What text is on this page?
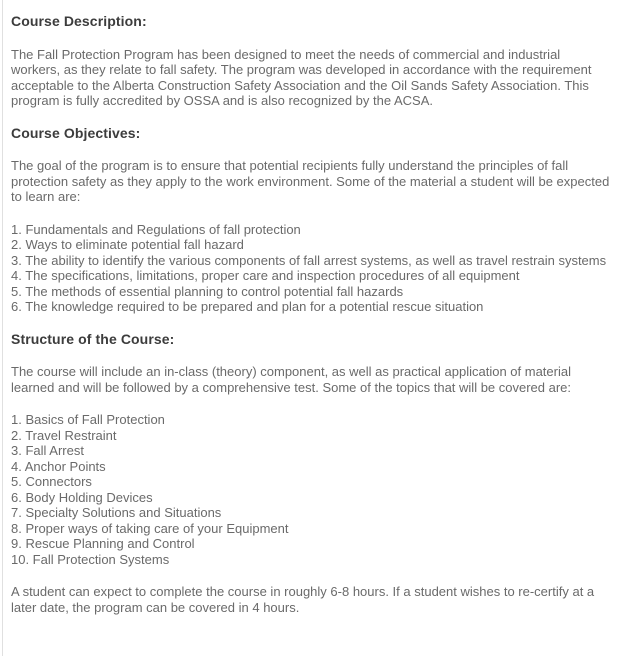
Course Description:

The Fall Protection Program has been designed to meet the needs of commercial and industrial workers, as they relate to fall safety. The program was developed in accordance with the requirement acceptable to the Alberta Construction Safety Association and the Oil Sands Safety Association. This program is fully accredited by OSSA and is also recognized by the ACSA.

Course Objectives:

The goal of the program is to ensure that potential recipients fully understand the principles of fall protection safety as they apply to the work environment. Some of the material a student will be expected to learn are:

1. Fundamentals and Regulations of fall protection
2. Ways to eliminate potential fall hazard
3. The ability to identify the various components of fall arrest systems, as well as travel restrain systems
4. The specifications, limitations, proper care and inspection procedures of all equipment
5. The methods of essential planning to control potential fall hazards
6. The knowledge required to be prepared and plan for a potential rescue situation
Structure of the Course:

The course will include an in-class (theory) component, as well as practical application of material learned and will be followed by a comprehensive test. Some of the topics that will be covered are:

1. Basics of Fall Protection
2. Travel Restraint
3. Fall Arrest
4. Anchor Points
5. Connectors
6. Body Holding Devices
7. Specialty Solutions and Situations
8. Proper ways of taking care of your Equipment
9. Rescue Planning and Control
10. Fall Protection Systems

A student can expect to complete the course in roughly 6-8 hours. If a student wishes to re-certify at a later date, the program can be covered in 4 hours.
